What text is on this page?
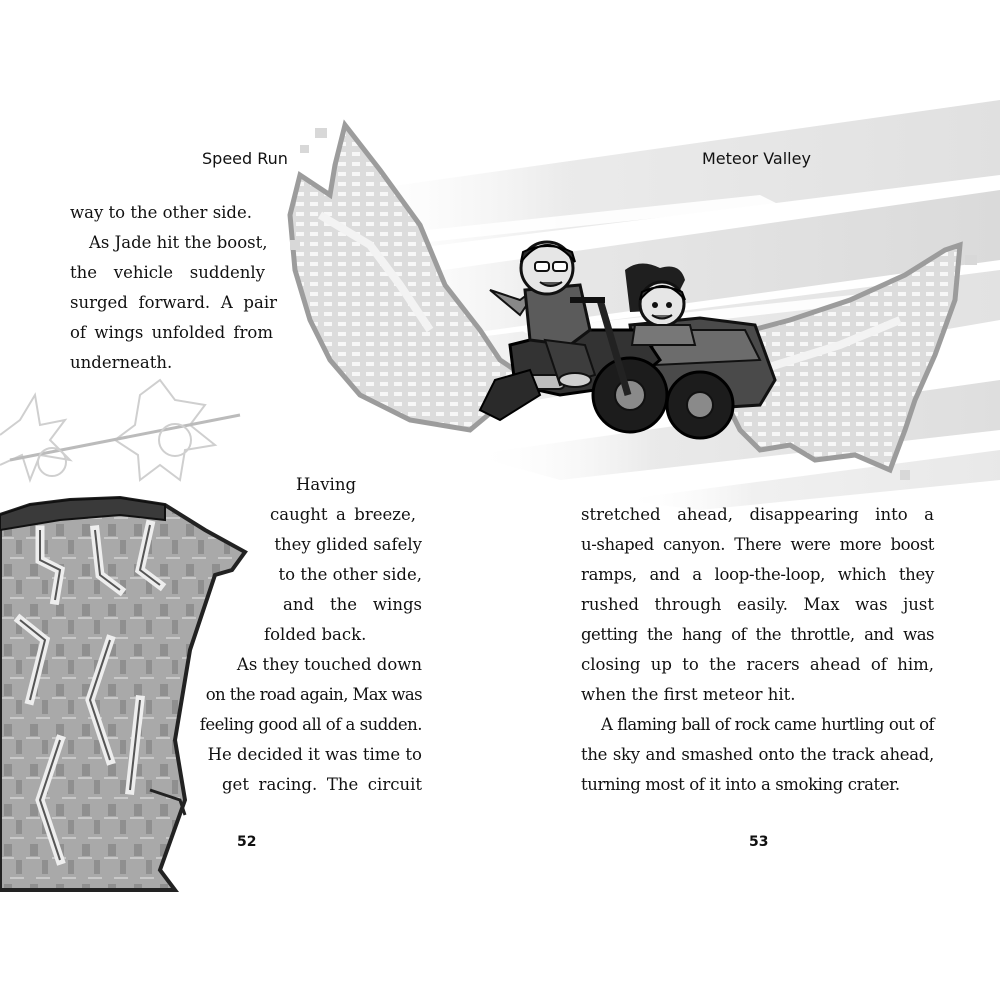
Speed Run
way to the other side.
As Jade hit the boost,
the vehicle suddenly
surged forward. A pair
of wings unfolded from
underneath.
Having
caught a breeze,
they glided safely
to the other side,
and the wings
folded back.
As they touched down
on the road again, Max was
feeling good all of a sudden.
He decided it was time to
get racing. The circuit
52
Meteor Valley
stretched ahead, disappearing into a
u-shaped canyon. There were more boost
ramps, and a loop-the-loop, which they
rushed through easily. Max was just
getting the hang of the throttle, and was
closing up to the racers ahead of him,
when the first meteor hit.
A flaming ball of rock came hurtling out of
the sky and smashed onto the track ahead,
turning most of it into a smoking crater.
53
